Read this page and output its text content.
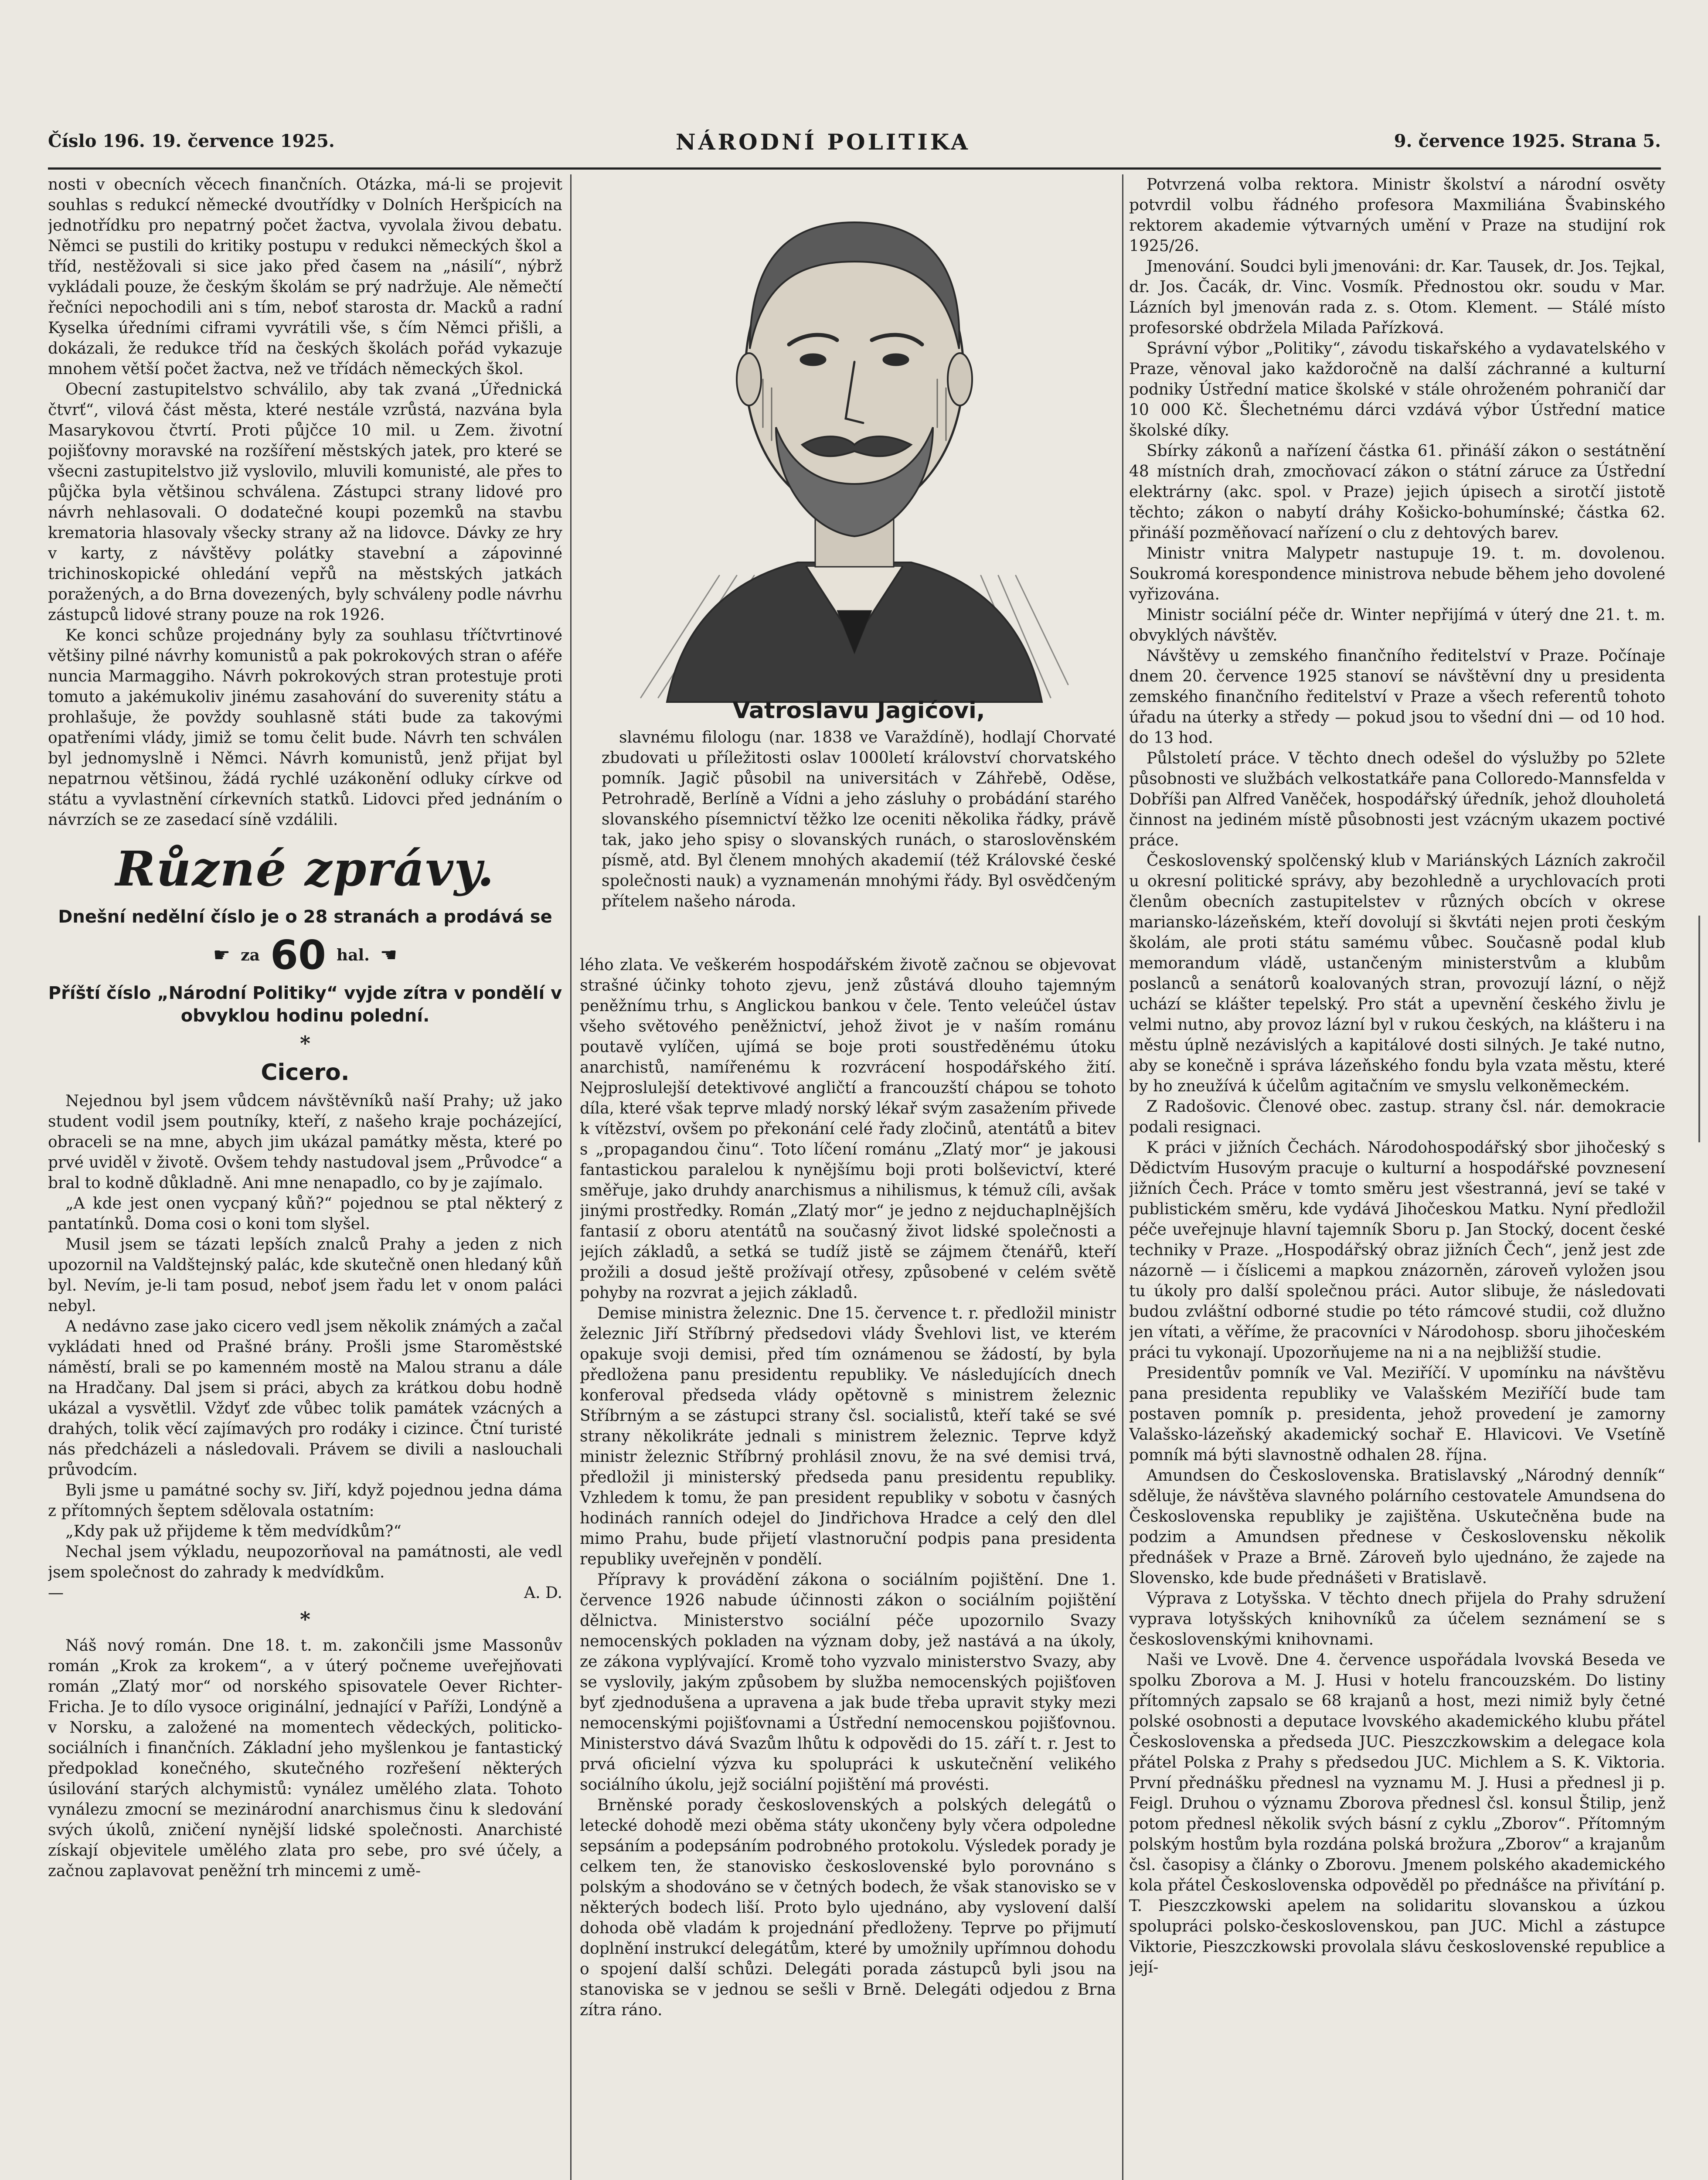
Číslo 196. 19. července 1925.	NÁRODNÍ POLITIKA	9. července 1925. Strana 5.

nosti v obecních věcech finančních. Otázka, má-li se projevit souhlas s redukcí německé dvoutřídky v Dolních Heršpicích na jednotřídku pro nepatrný počet žactva, vyvolala živou debatu. Němci se pustili do kritiky postupu v redukci německých škol a tříd, nestěžovali si sice jako před časem na „násilí“, nýbrž vykládali pouze, že českým školám se prý nadržuje. Ale němečtí řečníci nepochodili ani s tím, neboť starosta dr. Macků a radní Kyselka úředními ciframi vyvrátili vše, s čím Němci přišli, a dokázali, že redukce tříd na českých školách pořád vykazuje mnohem větší počet žactva, než ve třídách německých škol.

Obecní zastupitelstvo schválilo, aby tak zvaná „Úřednická čtvrť“, vilová část města, které nestále vzrůstá, nazvána byla Masarykovou čtvrtí. Proti půjčce 10 mil. u Zem. životní pojišťovny moravské na rozšíření městských jatek, pro které se všecni zastupitelstvo již vyslovilo, mluvili komunisté, ale přes to půjčka byla většinou schválena. Zástupci strany lidové pro návrh nehlasovali. O dodatečné koupi pozemků na stavbu krematoria hlasovaly všecky strany až na lidovce. Dávky ze hry v karty, z návštěvy polátky stavební a zápovinné trichinoskopické ohledání vepřů na městských jatkách poražených, a do Brna dovezených, byly schváleny podle návrhu zástupců lidové strany pouze na rok 1926.

Ke konci schůze projednány byly za souhlasu tříčtvrtinové většiny pilné návrhy komunistů a pak pokrokových stran o aféře nuncia Marmaggiho. Návrh pokrokových stran protestuje proti tomuto a jakémukoliv jinému zasahování do suverenity státu a prohlašuje, že povždy souhlasně státi bude za takovými opatřeními vlády, jimiž se tomu čelit bude. Návrh ten schválen byl jednomyslně i Němci. Návrh komunistů, jenž přijat byl nepatrnou většinou, žádá rychlé uzákonění odluky církve od státu a vyvlastnění církevních statků. Lidovci před jednáním o návrzích se ze zasedací síně vzdálili.

Různé zprávy.
Dnešní nedělní číslo je o 28 stranách a prodává se
☛ za 60 hal. ☚
Příští číslo „Národní Politiky“ vyjde zítra v pondělí v obvyklou hodinu polední.
*
Cicero.

Nejednou byl jsem vůdcem návštěvníků naší Prahy; už jako student vodil jsem poutníky, kteří, z našeho kraje pocházející, obraceli se na mne, abych jim ukázal památky města, které po prvé uviděl v životě. Ovšem tehdy nastudoval jsem „Průvodce“ a bral to kodně důkladně. Ani mne nenapadlo, co by je zajímalo.

„A kde jest onen vycpaný kůň?“ pojednou se ptal některý z pantatínků. Doma cosi o koni tom slyšel.

Musil jsem se tázati lepších znalců Prahy a jeden z nich upozornil na Valdštejnský palác, kde skutečně onen hledaný kůň byl. Nevím, je-li tam posud, neboť jsem řadu let v onom paláci nebyl.

A nedávno zase jako cicero vedl jsem několik známých a začal vykládati hned od Prašné brány. Prošli jsme Staroměstské náměstí, brali se po kamenném mostě na Malou stranu a dále na Hradčany. Dal jsem si práci, abych za krátkou dobu hodně ukázal a vysvětlil. Vždyť zde vůbec tolik památek vzácných a drahých, tolik věcí zajímavých pro rodáky i cizince. Čtní turisté nás předcházeli a následovali. Právem se divili a naslouchali průvodcím.

Byli jsme u památné sochy sv. Jiří, když pojednou jedna dáma z přítomných šeptem sdělovala ostatním:

„Kdy pak už přijdeme k těm medvídkům?“

Nechal jsem výkladu, neupozorňoval na památnosti, ale vedl jsem společnost do zahrady k medvídkům.

—	A. D.
*

Náš nový román. Dne 18. t. m. zakončili jsme Massonův román „Krok za krokem“, a v úterý počneme uveřejňovati román „Zlatý mor“ od norského spisovatele Oever Richter-Fricha. Je to dílo vysoce originální, jednající v Paříži, Londýně a v Norsku, a založené na momentech vědeckých, politicko-sociálních i finančních. Základní jeho myšlenkou je fantastický předpoklad konečného, skutečného rozřešení některých úsilování starých alchymistů: vynález umělého zlata. Tohoto vynálezu zmocní se mezinárodní anarchismus činu k sledování svých úkolů, zničení nynější lidské společnosti. Anarchisté získají objevitele umělého zlata pro sebe, pro své účely, a začnou zaplavovat peněžní trh mincemi z umě-

Vatroslavu Jagićovi,

slavnému filologu (nar. 1838 ve Varaždíně), hodlají Chorvaté zbudovati u příležitosti oslav 1000letí království chorvatského pomník. Jagič působil na universitách v Záhřebě, Oděse, Petrohradě, Berlíně a Vídni a jeho zásluhy o probádání starého slovanského písemnictví těžko lze oceniti několika řádky, právě tak, jako jeho spisy o slovanských runách, o staroslověnském písmě, atd. Byl členem mnohých akademií (též Královské české společnosti nauk) a vyznamenán mnohými řády. Byl osvědčeným přítelem našeho národa.

lého zlata. Ve veškerém hospodářském životě začnou se objevovat strašné účinky tohoto zjevu, jenž zůstává dlouho tajemným peněžnímu trhu, s Anglickou bankou v čele. Tento veleúčel ústav všeho světového peněžnictví, jehož život je v naším románu poutavě vylíčen, ujímá se boje proti soustředěnému útoku anarchistů, namířenému k rozvrácení hospodářského žití. Nejproslulejší detektivové angličtí a francouzští chápou se tohoto díla, které však teprve mladý norský lékař svým zasažením přivede k vítězství, ovšem po překonání celé řady zločinů, atentátů a bitev s „propagandou činu“. Toto líčení románu „Zlatý mor“ je jakousi fantastickou paralelou k nynějšímu boji proti bolševictví, které směřuje, jako druhdy anarchismus a nihilismus, k témuž cíli, avšak jinými prostředky. Román „Zlatý mor“ je jedno z nejduchaplnějších fantasií z oboru atentátů na současný život lidské společnosti a jejích základů, a setká se tudíž jistě se zájmem čtenářů, kteří prožili a dosud ještě prožívají otřesy, způsobené v celém světě pohyby na rozvrat a jejich základů.

Demise ministra železnic. Dne 15. července t. r. předložil ministr železnic Jiří Stříbrný předsedovi vlády Švehlovi list, ve kterém opakuje svoji demisi, před tím oznámenou se žádostí, by byla předložena panu presidentu republiky. Ve následujících dnech konferoval předseda vlády opětovně s ministrem železnic Stříbrným a se zástupci strany čsl. socialistů, kteří také se své strany několikráte jednali s ministrem železnic. Teprve když ministr železnic Stříbrný prohlásil znovu, že na své demisi trvá, předložil ji ministerský předseda panu presidentu republiky. Vzhledem k tomu, že pan president republiky v sobotu v časných hodinách ranních odejel do Jindřichova Hradce a celý den dlel mimo Prahu, bude přijetí vlastnoruční podpis pana presidenta republiky uveřejněn v pondělí.

Přípravy k provádění zákona o sociálním pojištění. Dne 1. července 1926 nabude účinnosti zákon o sociálním pojištění dělnictva. Ministerstvo sociální péče upozornilo Svazy nemocenských pokladen na význam doby, jež nastává a na úkoly, ze zákona vyplývající. Kromě toho vyzvalo ministerstvo Svazy, aby se vyslovily, jakým způsobem by služba nemocenských pojišťoven byť zjednodušena a upravena a jak bude třeba upravit styky mezi nemocenskými pojišťovnami a Ústřední nemocenskou pojišťovnou. Ministerstvo dává Svazům lhůtu k odpovědi do 15. září t. r. Jest to prvá oficielní výzva ku spolupráci k uskutečnění velikého sociálního úkolu, jejž sociální pojištění má provésti.

Brněnské porady československých a polských delegátů o letecké dohodě mezi oběma státy ukončeny byly včera odpoledne sepsáním a podepsáním podrobného protokolu. Výsledek porady je celkem ten, že stanovisko československé bylo porovnáno s polským a shodováno se v četných bodech, že však stanovisko se v některých bodech liší. Proto bylo ujednáno, aby vyslovení další dohoda obě vladám k projednání předloženy. Teprve po přijmutí doplnění instrukcí delegátům, které by umožnily upřímnou dohodu o spojení další schůzi. Delegáti porada zástupců byli jsou na stanoviska se v jednou se sešli v Brně. Delegáti odjedou z Brna zítra ráno.

Potvrzená volba rektora. Ministr školství a národní osvěty potvrdil volbu řádného profesora Maxmiliána Švabinského rektorem akademie výtvarných umění v Praze na studijní rok 1925/26.

Jmenování. Soudci byli jmenováni: dr. Kar. Tausek, dr. Jos. Tejkal, dr. Jos. Čacák, dr. Vinc. Vosmík. Přednostou okr. soudu v Mar. Lázních byl jmenován rada z. s. Otom. Klement. — Stálé místo profesorské obdržela Milada Pařízková.

Správní výbor „Politiky“, závodu tiskařského a vydavatelského v Praze, věnoval jako každoročně na další záchranné a kulturní podniky Ústřední matice školské v stále ohroženém pohraničí dar 10 000 Kč. Šlechetnému dárci vzdává výbor Ústřední matice školské díky.

Sbírky zákonů a nařízení částka 61. přináší zákon o sestátnění 48 místních drah, zmocňovací zákon o státní záruce za Ústřední elektrárny (akc. spol. v Praze) jejich úpisech a sirotčí jistotě těchto; zákon o nabytí dráhy Košicko-bohumínské; částka 62. přináší pozměňovací nařízení o clu z dehtových barev.

Ministr vnitra Malypetr nastupuje 19. t. m. dovolenou. Soukromá korespondence ministrova nebude během jeho dovolené vyřizována.

Ministr sociální péče dr. Winter nepřijímá v úterý dne 21. t. m. obvyklých návštěv.

Návštěvy u zemského finančního ředitelství v Praze. Počínaje dnem 20. července 1925 stanoví se návštěvní dny u presidenta zemského finančního ředitelství v Praze a všech referentů tohoto úřadu na úterky a středy — pokud jsou to všední dni — od 10 hod. do 13 hod.

Půlstoletí práce. V těchto dnech odešel do výslužby po 52lete působnosti ve službách velkostatkáře pana Colloredo-Mannsfelda v Dobříši pan Alfred Vaněček, hospodářský úředník, jehož dlouholetá činnost na jediném místě působnosti jest vzácným ukazem poctivé práce.

Československý spolčenský klub v Mariánských Lázních zakročil u okresní politické správy, aby bezohledně a urychlovacích proti členům obecních zastupitelstev v různých obcích v okrese mariansko-lázeňském, kteří dovolují si škvtáti nejen proti českým školám, ale proti státu samému vůbec. Současně podal klub memorandum vládě, ustančeným ministerstvům a klubům poslanců a senátorů koalovaných stran, provozují lázní, o nějž uchází se klášter tepelský. Pro stát a upevnění českého živlu je velmi nutno, aby provoz lázní byl v rukou českých, na klášteru i na městu úplně nezávislých a kapitálové dosti silných. Je také nutno, aby se konečně i správa lázeňského fondu byla vzata městu, které by ho zneužívá k účelům agitačním ve smyslu velkoněmeckém.

Z Radošovic. Členové obec. zastup. strany čsl. nár. demokracie podali resignaci.

K práci v jižních Čechách. Národohospodářský sbor jihočeský s Dědictvím Husovým pracuje o kulturní a hospodářské povznesení jižních Čech. Práce v tomto směru jest všestranná, jeví se také v publistickém směru, kde vydává Jihočeskou Matku. Nyní předložil péče uveřejnuje hlavní tajemník Sboru p. Jan Stocký, docent české techniky v Praze. „Hospodářský obraz jižních Čech“, jenž jest zde názorně — i číslicemi a mapkou znázorněn, zároveň vyložen jsou tu úkoly pro další společnou práci. Autor slibuje, že následovati budou zvláštní odborné studie po této rámcové studii, což dlužno jen vítati, a věříme, že pracovníci v Národohosp. sboru jihočeském práci tu vykonají. Upozorňujeme na ni a na nejbližší studie.

Presidentův pomník ve Val. Meziříčí. V upomínku na návštěvu pana presidenta republiky ve Valašském Meziříčí bude tam postaven pomník p. presidenta, jehož provedení je zamorny Valašsko-lázeňský akademický sochař E. Hlavicovi. Ve Vsetíně pomník má býti slavnostně odhalen 28. října.

Amundsen do Československa. Bratislavský „Národný denník“ sděluje, že návštěva slavného polárního cestovatele Amundsena do Československa republiky je zajištěna. Uskutečněna bude na podzim a Amundsen přednese v Československu několik přednášek v Praze a Brně. Zároveň bylo ujednáno, že zajede na Slovensko, kde bude přednášeti v Bratislavě.

Výprava z Lotyšska. V těchto dnech přijela do Prahy sdružení vyprava lotyšských knihovníků za účelem seznámení se s československými knihovnami.

Naši ve Lvově. Dne 4. července uspořádala lvovská Beseda ve spolku Zborova a M. J. Husi v hotelu francouzském. Do listiny přítomných zapsalo se 68 krajanů a host, mezi nimiž byly četné polské osobnosti a deputace lvovského akademického klubu přátel Československa a předseda JUC. Pieszczkowskim a delegace kola přátel Polska z Prahy s předsedou JUC. Michlem a S. K. Viktoria. První přednášku přednesl na vyznamu M. J. Husi a přednesl ji p. Feigl. Druhou o významu Zborova přednesl čsl. konsul Štilip, jenž potom přednesl několik svých básní z cyklu „Zborov“. Přítomným polským hostům byla rozdána polská brožura „Zborov“ a krajanům čsl. časopisy a články o Zborovu. Jmenem polského akademického kola přátel Československa odpověděl po přednášce na přivítání p. T. Pieszczkowski apelem na solidaritu slovanskou a úzkou spolupráci polsko-československou, pan JUC. Michl a zástupce Viktorie, Pieszczkowski provolala slávu československé republice a její-
